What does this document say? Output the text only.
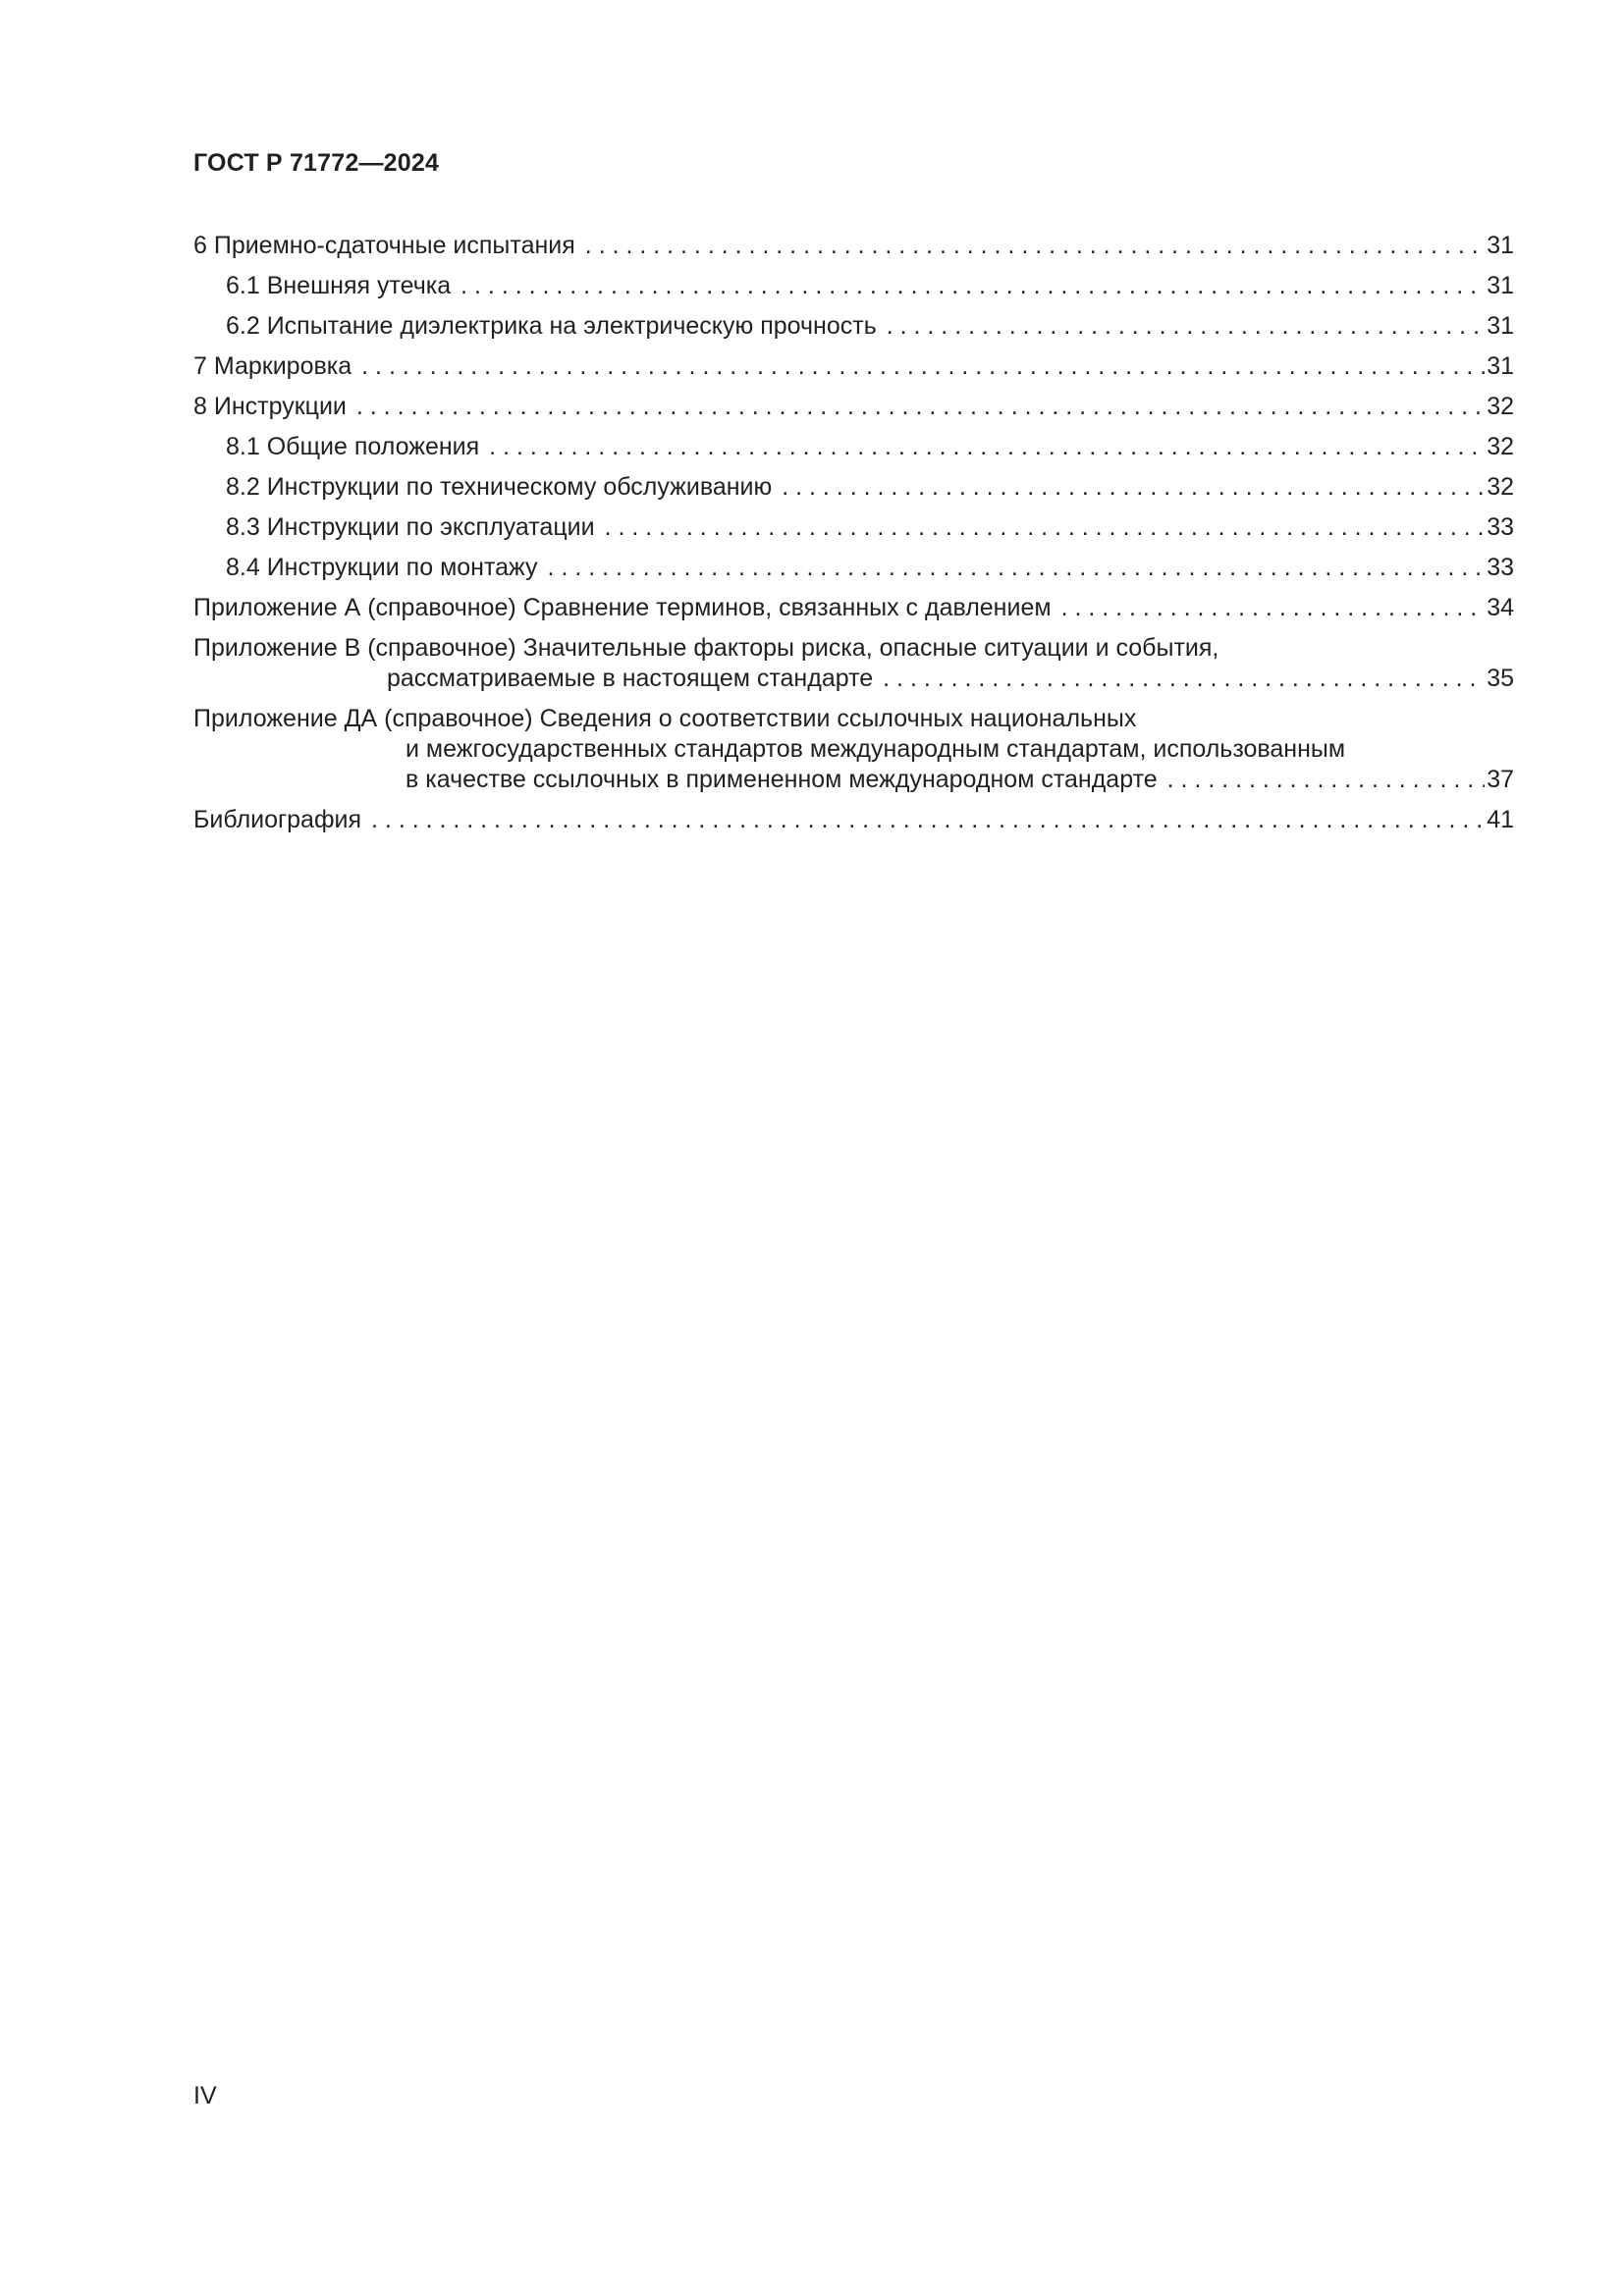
ГОСТ Р 71772—2024
6 Приемно-сдаточные испытания . . .	31
6.1 Внешняя утечка . . .	31
6.2 Испытание диэлектрика на электрическую прочность . . .	31
7 Маркировка . . .	31
8 Инструкции . . .	32
8.1 Общие положения . . .	32
8.2 Инструкции по техническому обслуживанию . . .	32
8.3 Инструкции по эксплуатации . . .	33
8.4 Инструкции по монтажу . . .	33
Приложение А (справочное) Сравнение терминов, связанных с давлением . . .	34
Приложение В (справочное) Значительные факторы риска, опасные ситуации и события,
рассматриваемые в настоящем стандарте . . .	35
Приложение ДА (справочное) Сведения о соответствии ссылочных национальных
и межгосударственных стандартов международным стандартам, использованным
в качестве ссылочных в примененном международном стандарте . . .	37
Библиография . . .	41
IV
